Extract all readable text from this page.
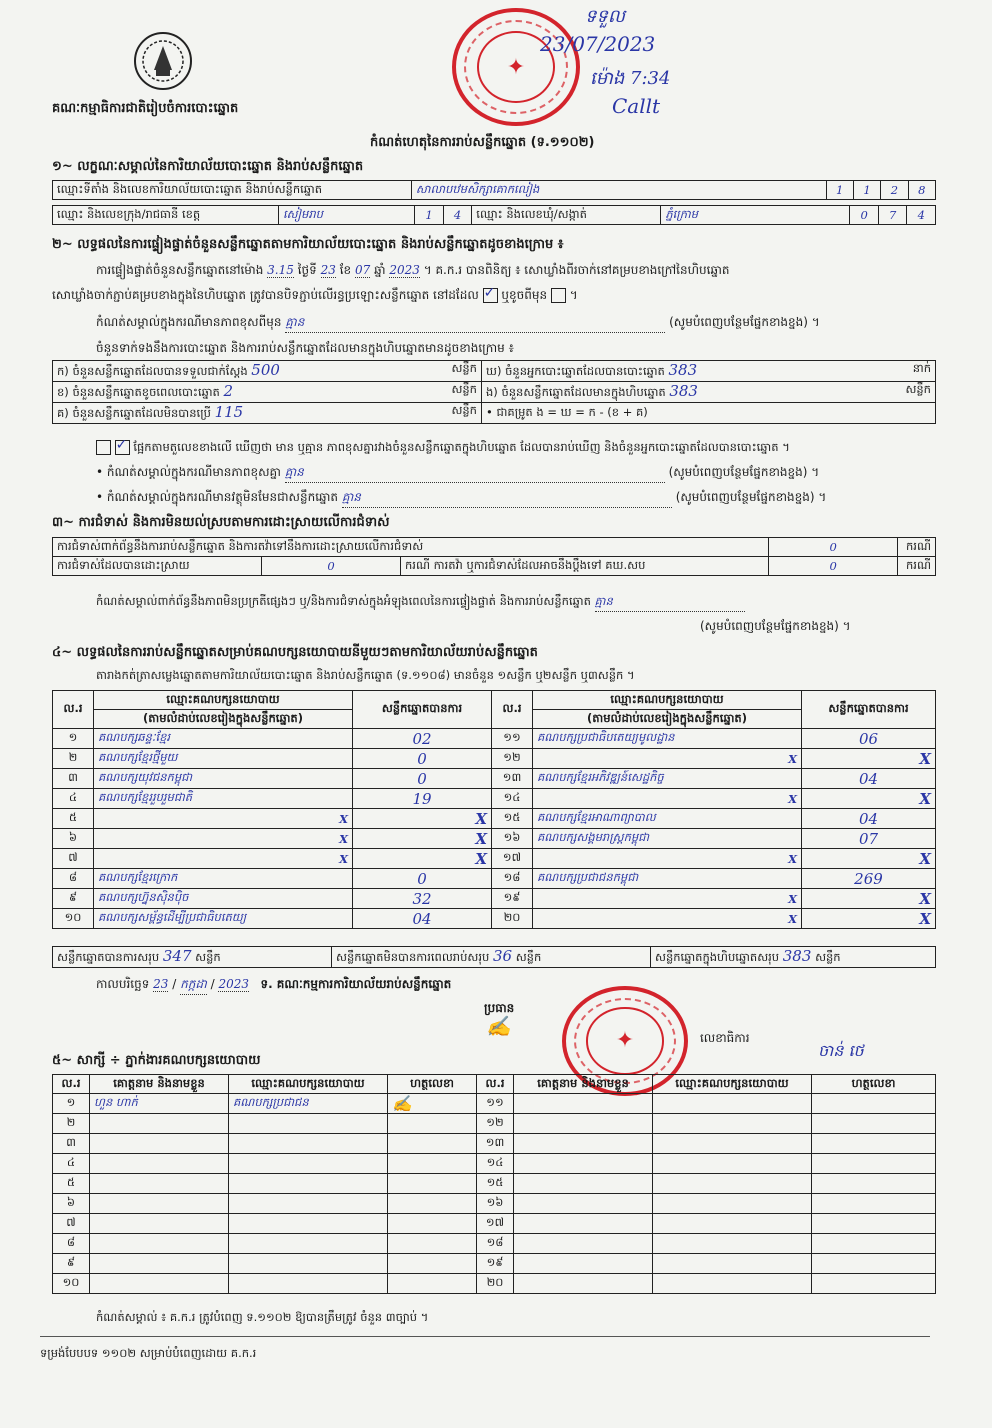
គណៈកម្មាធិការជាតិរៀបចំការបោះឆ្នោត
✦
ទទួល
23/07/2023
ម៉ោង 7:34
Callt
កំណត់ហេតុនៃការរាប់សន្លឹកឆ្នោត (ទ.១១០២)
១~ លក្ខណៈសម្គាល់នៃការិយាល័យបោះឆ្នោត និងរាប់សន្លឹកឆ្នោត
ឈ្មោះទីតាំង និងលេខការិយាល័យបោះឆ្នោត និងរាប់សន្លឹកឆ្នោត	សាលាបឋមសិក្សាគោកលៀង	1	1	2	8
ឈ្មោះ និងលេខក្រុង/រាជធានី ខេត្ត	សៀមរាប	1	4	ឈ្មោះ និងលេខឃុំ/សង្កាត់	ភ្នំក្រោម	0	7	4
២~ លទ្ធផលនៃការផ្ទៀងផ្ទាត់ចំនួនសន្លឹកឆ្នោតតាមការិយាល័យបោះឆ្នោត និងរាប់សន្លឹកឆ្នោតដូចខាងក្រោម ៖
ការផ្ទៀងផ្ទាត់ចំនួនសន្លឹកឆ្នោតនៅម៉ោង 3.15 ថ្ងៃទី 23 ខែ 07 ឆ្នាំ 2023 ។ គ.ក.រ បានពិនិត្យ ៖ សោឃ្លាំងពីរចាក់នៅគម្របខាងក្រៅនៃហិបឆ្នោត
សោឃ្លាំងចាក់ភ្ជាប់គម្របខាងក្នុងនៃហិបឆ្នោត ត្រូវបានបិទភ្ជាប់លើរន្ធប្រឡោះសន្លឹកឆ្នោត នៅដដែល ✓ ឬខូចពីមុន  ។
កំណត់សម្គាល់ក្នុងករណីមានភាពខុសពីមុន គ្មាន	(សូមបំពេញបន្ថែមផ្នែកខាងខ្នង) ។
ចំនួនទាក់ទងនឹងការបោះឆ្នោត និងការរាប់សន្លឹកឆ្នោតដែលមានក្នុងហិបឆ្នោតមានដូចខាងក្រោម ៖
ក) ចំនួនសន្លឹកឆ្នោតដែលបានទទួលជាក់ស្តែង 500 សន្លឹក	ឃ) ចំនួនអ្នកបោះឆ្នោតដែលបានបោះឆ្នោត 383 នាក់

ខ) ចំនួនសន្លឹកឆ្នោតខូចពេលបោះឆ្នោត 2 សន្លឹក	ង) ចំនួនសន្លឹកឆ្នោតដែលមានក្នុងហិបឆ្នោត 383 សន្លឹក

គ) ចំនួនសន្លឹកឆ្នោតដែលមិនបានប្រើ 115 សន្លឹក	• ជាគម្រូត ង = ឃ = ក - (ខ + គ)
✓ ផ្អែកតាមតួលេខខាងលើ ឃើញថា មាន ឬគ្មាន ភាពខុសគ្នារវាងចំនួនសន្លឹកឆ្នោតក្នុងហិបឆ្នោត ដែលបានរាប់ឃើញ និងចំនួនអ្នកបោះឆ្នោតដែលបានបោះឆ្នោត ។
• កំណត់សម្គាល់ក្នុងករណីមានភាពខុសគ្នា គ្មាន	(សូមបំពេញបន្ថែមផ្នែកខាងខ្នង) ។
• កំណត់សម្គាល់ក្នុងករណីមានវត្ថុមិនមែនជាសន្លឹកឆ្នោត គ្មាន	(សូមបំពេញបន្ថែមផ្នែកខាងខ្នង) ។
៣~ ការជំទាស់ និងការមិនយល់ស្របតាមការដោះស្រាយលើការជំទាស់
ការជំទាស់ពាក់ព័ន្ធនឹងការរាប់សន្លឹកឆ្នោត និងការតវ៉ាទៅនឹងការដោះស្រាយលើការជំទាស់			0	ករណី
ការជំទាស់ដែលបានដោះស្រាយ	0	ករណី ការតវ៉ា ឬការជំទាស់ដែលអាចនឹងប្តឹងទៅ គឃ.សប	0	ករណី
កំណត់សម្គាល់ពាក់ព័ន្ធនឹងភាពមិនប្រក្រតីផ្សេងៗ ឬ/និងការជំទាស់ក្នុងអំឡុងពេលនៃការផ្ទៀងផ្ទាត់ និងការរាប់សន្លឹកឆ្នោត គ្មាន
(សូមបំពេញបន្ថែមផ្នែកខាងខ្នង) ។
៤~ លទ្ធផលនៃការរាប់សន្លឹកឆ្នោតសម្រាប់គណបក្សនយោបាយនីមួយៗតាមការិយាល័យរាប់សន្លឹកឆ្នោត
តារាងកត់ត្រាសម្លេងឆ្នោតតាមការិយាល័យបោះឆ្នោត និងរាប់សន្លឹកឆ្នោត (ទ.១១០៨) មានចំនួន ១សន្លឹក ឬ២សន្លឹក ឬ៣សន្លឹក ។
ល.រ	ឈ្មោះគណបក្សនយោបាយ	សន្លឹកឆ្នោតបានការ	ល.រ	ឈ្មោះគណបក្សនយោបាយ	សន្លឹកឆ្នោតបានការ
	(តាមលំដាប់លេខរៀងក្នុងសន្លឹកឆ្នោត)			(តាមលំដាប់លេខរៀងក្នុងសន្លឹកឆ្នោត)	
១	គណបក្សឆន្ទៈខ្មែរ	02	១១	គណបក្សប្រជាធិបតេយ្យមូលដ្ឋាន	06
២	គណបក្សខ្មែរថ្មីមួយ	0	១២	X	X

៣	គណបក្សយុវជនកម្ពុជា	0	១៣	គណបក្សខ្មែរអភិវឌ្ឍន៍សេដ្ឋកិច្ច	04
៤	គណបក្សខ្មែររួបរួមជាតិ	19	១៤	X	X

៥	X	X	១៥	គណបក្សខ្មែរអាណាព្យាបាល	04
៦	X	X	១៦	គណបក្សសង្គមរាស្ត្រកម្ពុជា	07
៧	X	X	១៧	X	X

៨	គណបក្សខ្មែរក្រោក	0	១៨	គណបក្សប្រជាជនកម្ពុជា	269
៩	គណបក្សហ្វ៊ុនស៊ិនប៉ិច	32	១៩	X	X

១០	គណបក្សសម្ព័ន្ធដើម្បីប្រជាធិបតេយ្យ	04	២០	X	X
សន្លឹកឆ្នោតបានការសរុប 347 សន្លឹក	សន្លឹកឆ្នោតមិនបានការពេលរាប់សរុប 36 សន្លឹក	សន្លឹកឆ្នោតក្នុងហិបឆ្នោតសរុប 383 សន្លឹក
កាលបរិច្ឆេទ 23 / កក្កដា / 2023 ទ. គណៈកម្មការការិយាល័យរាប់សន្លឹកឆ្នោត
ប្រធាន
✍
✦	លេខាធិការ
ចាន់ ថេ
៥~ សាក្សី ÷ ភ្នាក់ងារគណបក្សនយោបាយ
ល.រ	គោត្តនាម និងនាមខ្លួន	ឈ្មោះគណបក្សនយោបាយ	ហត្ថលេខា	ល.រ	គោត្តនាម និងនាមខ្លួន	ឈ្មោះគណបក្សនយោបាយ	ហត្ថលេខា
១	ហួន ហាក់	គណបក្សប្រជាជន	✍	១១			
២				១២			
៣				១៣			
៤				១៤			
៥				១៥			
៦				១៦			
៧				១៧			
៨				១៨			
៩				១៩			
១០				២០			
កំណត់សម្គាល់ ៖ គ.ក.រ ត្រូវបំពេញ ទ.១១០២ ឱ្យបានត្រឹមត្រូវ ចំនួន ៣ច្បាប់ ។
ទម្រង់បែបបទ ១១០២ សម្រាប់បំពេញដោយ គ.ក.រ
